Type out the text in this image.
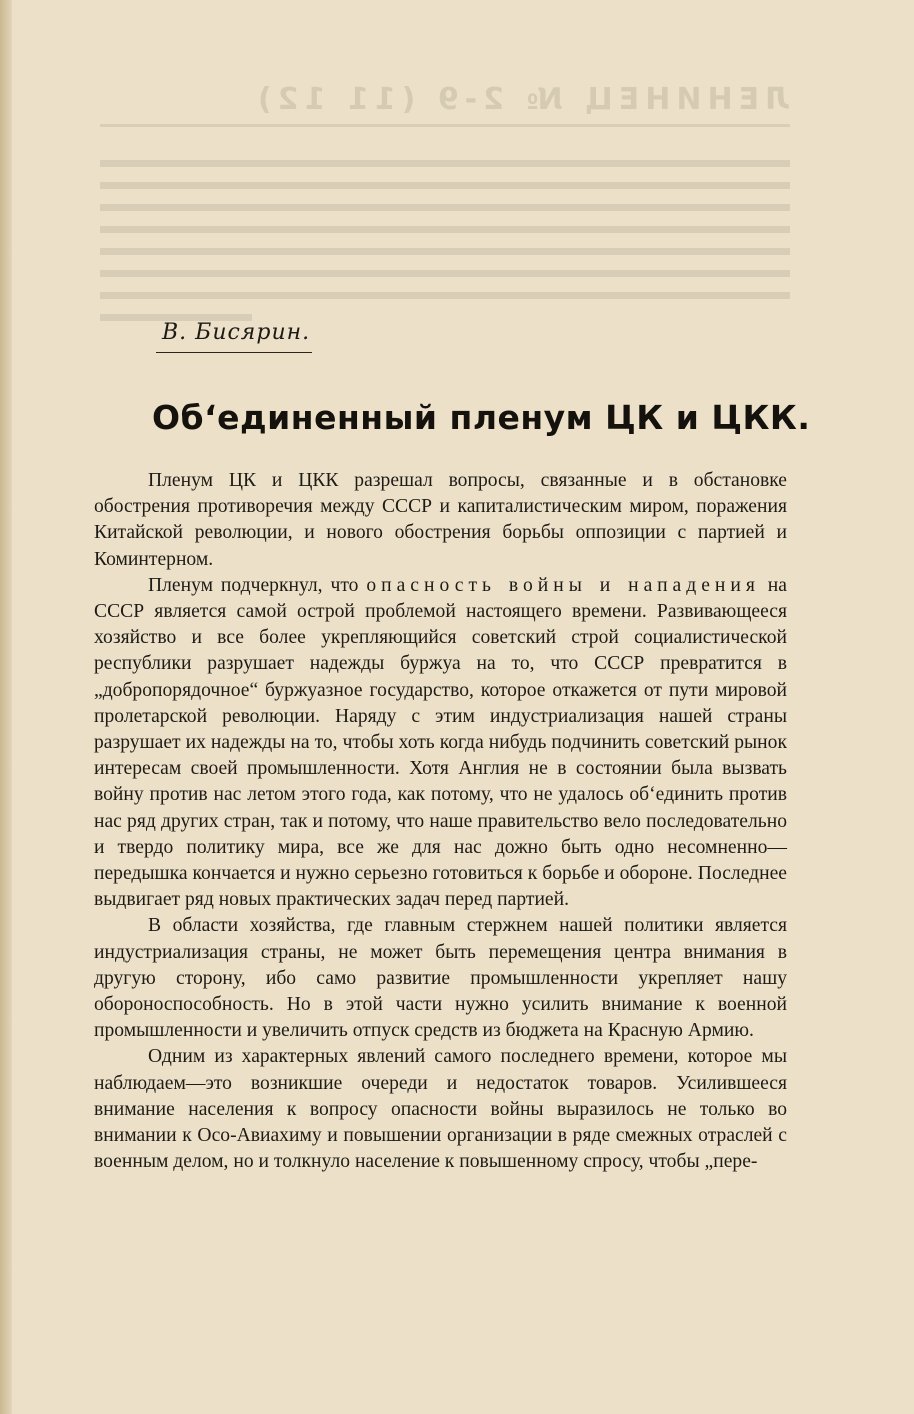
ЛЕНИНЕЦ № 2-9 (11 12)
В. Бисярин.
Об‘единенный пленум ЦК и ЦКК.

Пленум ЦК и ЦКК разрешал вопросы, связанные и в обстановке обострения противоречия между СССР и капиталистическим миром, поражения Китайской революции, и нового обострения борьбы оппозиции с партией и Коминтерном.

Пленум подчеркнул, что опасность войны и нападения на СССР является самой острой проблемой настоящего времени. Развивающееся хозяйство и все более укрепляющийся советский строй социалистической республики разрушает надежды буржуа на то, что СССР превратится в „добропорядочное“ буржуазное государство, которое откажется от пути мировой пролетарской революции. Наряду с этим индустриализация нашей страны разрушает их надежды на то, чтобы хоть когда нибудь подчинить советский рынок интересам своей промышленности. Хотя Англия не в состоянии была вызвать войну против нас летом этого года, как потому, что не удалось об‘единить против нас ряд других стран, так и потому, что наше правительство вело последовательно и твердо политику мира, все же для нас дожно быть одно несомненно—передышка кончается и нужно серьезно готовиться к борьбе и обороне. Последнее выдвигает ряд новых практических задач перед партией.

В области хозяйства, где главным стержнем нашей политики является индустриализация страны, не может быть перемещения центра внимания в другую сторону, ибо само развитие промышленности укрепляет нашу обороноспособность. Но в этой части нужно усилить внимание к военной промышленности и увеличить отпуск средств из бюджета на Красную Армию.

Одним из характерных явлений самого последнего времени, которое мы наблюдаем—это возникшие очереди и недостаток товаров. Усилившееся внимание населения к вопросу опасности войны выразилось не только во внимании к Осо-Авиахиму и повышении организации в ряде смежных отраслей с военным делом, но и толкнуло население к повышенному спросу, чтобы „пере-
